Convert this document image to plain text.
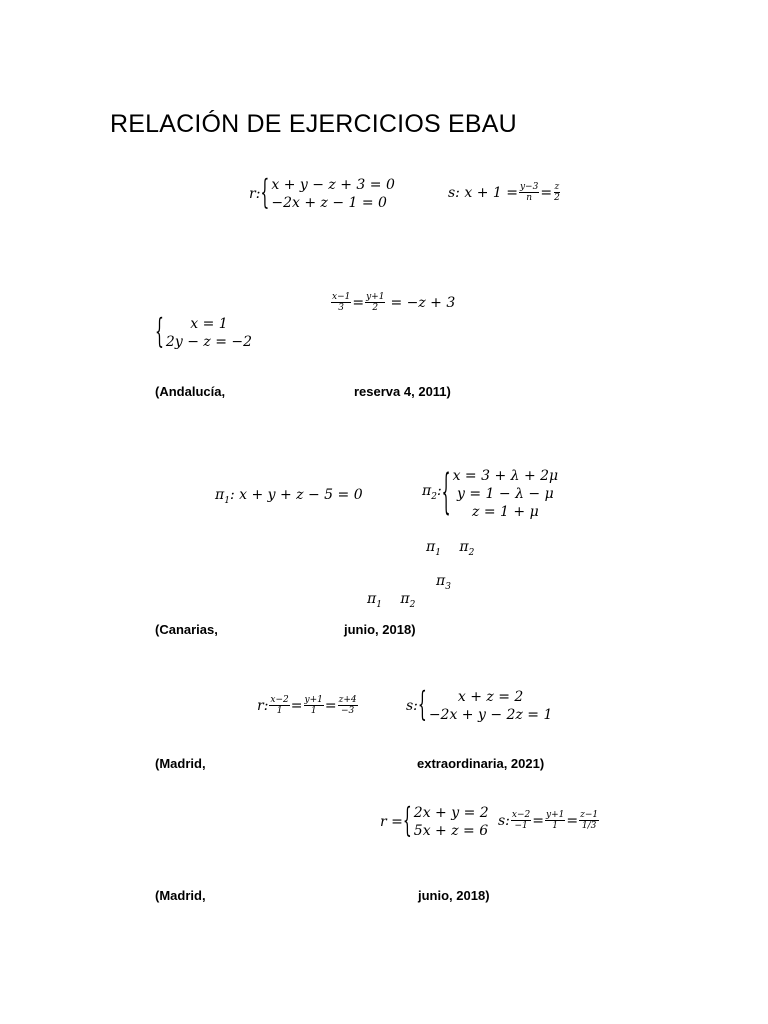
RELACIÓN DE EJERCICIOS EBAU
r: { x + y − z + 3 = 0
−2x + z − 1 = 0
s: $x + 1 = \frac{y-3}{n} = \frac{z}{2}$
$\frac{x-1}{3} = \frac{y+1}{2} = -z + 3$
{	x = 1
2y − z = −2
(Andalucía,	reserva 4, 2011)
$\pi_1$: x + y + z − 5 = 0	$\pi_2$: { x = 3 + λ + 2μ
y = 1 − λ − μ
z = 1 + μ
$\pi_1$ $\pi_2$
$\pi_3$
$\pi_1$ $\pi_2$
(Canarias,	junio, 2018)
r: $\frac{x-2}{1} = \frac{y+1}{1} = \frac{z+4}{-3}$	s: {	x + z = 2
−2x + y − 2z = 1
(Madrid,	extraordinaria, 2021)
r = { 2x + y = 2
5x + z = 6
s: $\frac{x-2}{-1} = \frac{y+1}{1} = \frac{z-1}{1/3}$
(Madrid,	junio, 2018)
